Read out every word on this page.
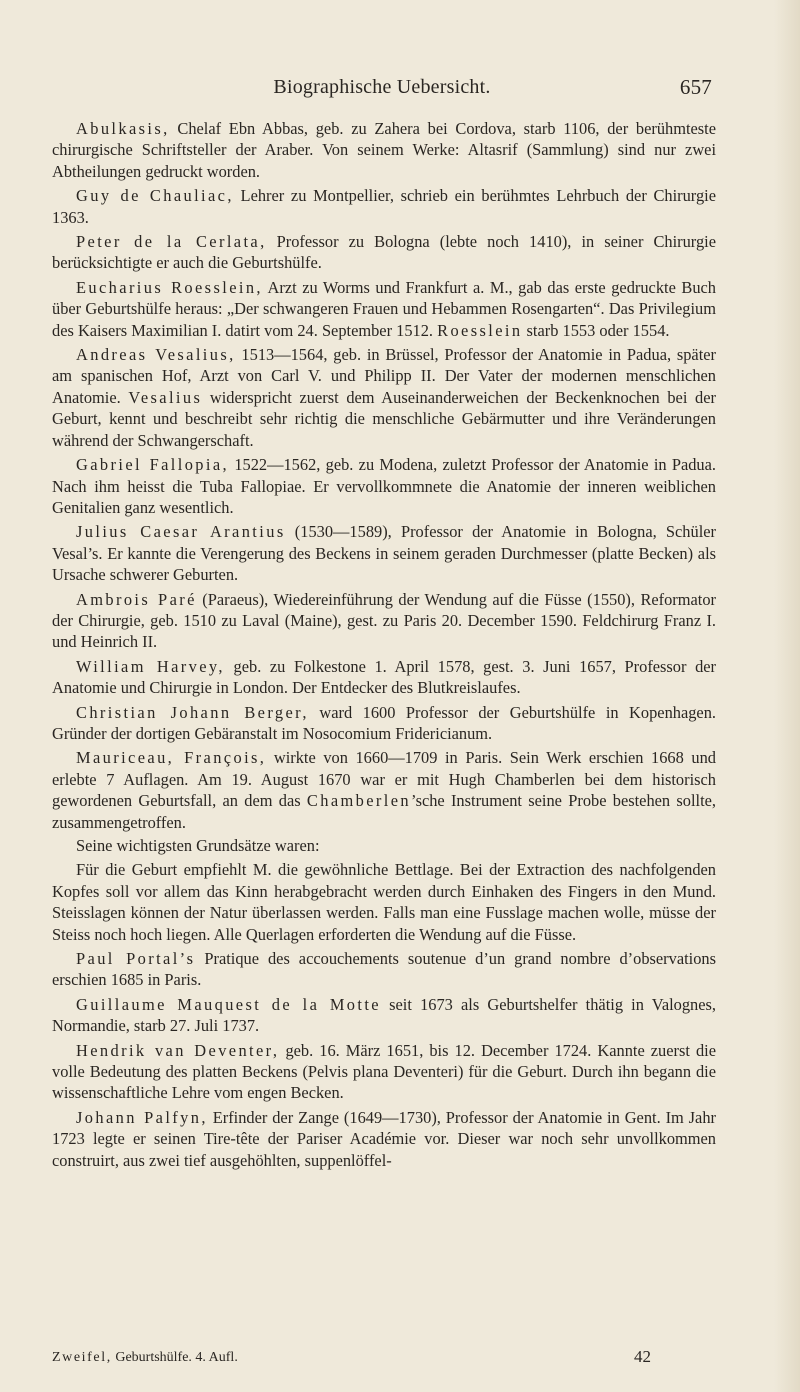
Biographische Uebersicht.	657

Abulkasis, Chelaf Ebn Abbas, geb. zu Zahera bei Cordova, starb 1106, der berühmteste chirurgische Schriftsteller der Araber. Von seinem Werke: Altasrif (Sammlung) sind nur zwei Abtheilungen gedruckt worden.

Guy de Chauliac, Lehrer zu Montpellier, schrieb ein berühmtes Lehrbuch der Chirurgie 1363.

Peter de la Cerlata, Professor zu Bologna (lebte noch 1410), in seiner Chirurgie berücksichtigte er auch die Geburtshülfe.

Eucharius Roesslein, Arzt zu Worms und Frankfurt a. M., gab das erste gedruckte Buch über Geburtshülfe heraus: „Der schwangeren Frauen und Hebammen Rosengarten“. Das Privilegium des Kaisers Maximilian I. datirt vom 24. September 1512. Roesslein starb 1553 oder 1554.

Andreas Vesalius, 1513—1564, geb. in Brüssel, Professor der Anatomie in Padua, später am spanischen Hof, Arzt von Carl V. und Philipp II. Der Vater der modernen menschlichen Anatomie. Vesalius widerspricht zuerst dem Auseinanderweichen der Beckenknochen bei der Geburt, kennt und beschreibt sehr richtig die menschliche Gebärmutter und ihre Veränderungen während der Schwangerschaft.

Gabriel Fallopia, 1522—1562, geb. zu Modena, zuletzt Professor der Anatomie in Padua. Nach ihm heisst die Tuba Fallopiae. Er vervollkommnete die Anatomie der inneren weiblichen Genitalien ganz wesentlich.

Julius Caesar Arantius (1530—1589), Professor der Anatomie in Bologna, Schüler Vesal’s. Er kannte die Verengerung des Beckens in seinem geraden Durchmesser (platte Becken) als Ursache schwerer Geburten.

Ambrois Paré (Paraeus), Wiedereinführung der Wendung auf die Füsse (1550), Reformator der Chirurgie, geb. 1510 zu Laval (Maine), gest. zu Paris 20. December 1590. Feldchirurg Franz I. und Heinrich II.

William Harvey, geb. zu Folkestone 1. April 1578, gest. 3. Juni 1657, Professor der Anatomie und Chirurgie in London. Der Entdecker des Blutkreislaufes.

Christian Johann Berger, ward 1600 Professor der Geburtshülfe in Kopenhagen. Gründer der dortigen Gebäranstalt im Nosocomium Fridericianum.

Mauriceau, François, wirkte von 1660—1709 in Paris. Sein Werk erschien 1668 und erlebte 7 Auflagen. Am 19. August 1670 war er mit Hugh Chamberlen bei dem historisch gewordenen Geburtsfall, an dem das Chamberlen’sche Instrument seine Probe bestehen sollte, zusammengetroffen.

Seine wichtigsten Grundsätze waren:

Für die Geburt empfiehlt M. die gewöhnliche Bettlage. Bei der Extraction des nachfolgenden Kopfes soll vor allem das Kinn herabgebracht werden durch Einhaken des Fingers in den Mund. Steisslagen können der Natur überlassen werden. Falls man eine Fusslage machen wolle, müsse der Steiss noch hoch liegen. Alle Querlagen erforderten die Wendung auf die Füsse.

Paul Portal’s Pratique des accouchements soutenue d’un grand nombre d’observations erschien 1685 in Paris.

Guillaume Mauquest de la Motte seit 1673 als Geburtshelfer thätig in Valognes, Normandie, starb 27. Juli 1737.

Hendrik van Deventer, geb. 16. März 1651, bis 12. December 1724. Kannte zuerst die volle Bedeutung des platten Beckens (Pelvis plana Deventeri) für die Geburt. Durch ihn begann die wissenschaftliche Lehre vom engen Becken.

Johann Palfyn, Erfinder der Zange (1649—1730), Professor der Anatomie in Gent. Im Jahr 1723 legte er seinen Tire-tête der Pariser Académie vor. Dieser war noch sehr unvollkommen construirt, aus zwei tief ausgehöhlten, suppenlöffel-

Zweifel, Geburtshülfe. 4. Aufl.	42
